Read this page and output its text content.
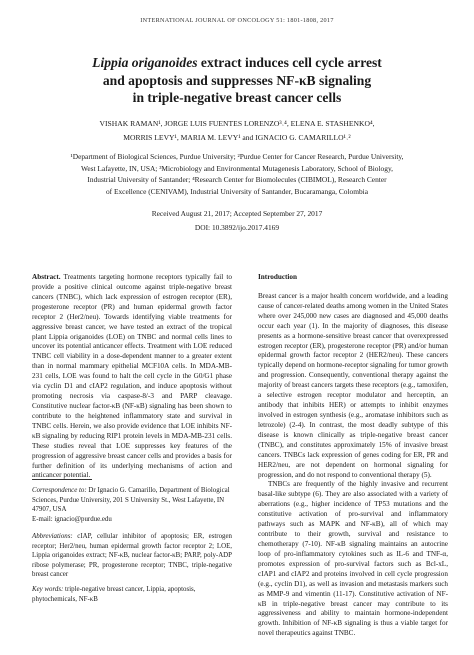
INTERNATIONAL JOURNAL OF ONCOLOGY 51: 1801-1808, 2017
Lippia origanoides extract induces cell cycle arrest
and apoptosis and suppresses NF-κB signaling
in triple-negative breast cancer cells
VISHAK RAMAN¹, JORGE LUIS FUENTES LORENZO³˒⁴, ELENA E. STASHENKO⁴,
MORRIS LEVY¹, MARIA M. LEVY¹ and IGNACIO G. CAMARILLO¹˒²
¹Department of Biological Sciences, Purdue University; ²Purdue Center for Cancer Research, Purdue University,
West Lafayette, IN, USA; ³Microbiology and Environmental Mutagenesis Laboratory, School of Biology,
Industrial University of Santander; ⁴Research Center for Biomolecules (CIBIMOL), Research Center
of Excellence (CENIVAM), Industrial University of Santander, Bucaramanga, Colombia
Received August 21, 2017; Accepted September 27, 2017
DOI: 10.3892/ijo.2017.4169

Abstract. Treatments targeting hormone receptors typically fail to provide a positive clinical outcome against triple-negative breast cancers (TNBC), which lack expression of estrogen receptor (ER), progesterone receptor (PR) and human epidermal growth factor receptor 2 (Her2/neu). Towards identifying viable treatments for aggressive breast cancer, we have tested an extract of the tropical plant Lippia origanoides (LOE) on TNBC and normal cells lines to uncover its potential anticancer effects. Treatment with LOE reduced TNBC cell viability in a dose-dependent manner to a greater extent than in normal mammary epithelial MCF10A cells. In MDA-MB-231 cells, LOE was found to halt the cell cycle in the G0/G1 phase via cyclin D1 and cIAP2 regulation, and induce apoptosis without promoting necrosis via caspase-8/-3 and PARP cleavage. Constitutive nuclear factor-κB (NF-κB) signaling has been shown to contribute to the heightened inflammatory state and survival in TNBC cells. Herein, we also provide evidence that LOE inhibits NF-κB signaling by reducing RIP1 protein levels in MDA-MB-231 cells. These studies reveal that LOE suppresses key features of the progression of aggressive breast cancer cells and provides a basis for further definition of its underlying mechanisms of action and anticancer potential.

Correspondence to: Dr Ignacio G. Camarillo, Department of Biological Sciences, Purdue University, 201 S University St., West Lafayette, IN 47907, USA
E-mail: ignacio@purdue.edu
Abbreviations: cIAP, cellular inhibitor of apoptosis; ER, estrogen receptor; Her2/neu, human epidermal growth factor receptor 2; LOE, Lippia origanoides extract; NF-κB, nuclear factor-κB; PARP, poly-ADP ribose polymerase; PR, progesterone receptor; TNBC, triple-negative breast cancer
Key words: triple-negative breast cancer, Lippia, apoptosis, phytochemicals, NF-κB

Introduction

Breast cancer is a major health concern worldwide, and a leading cause of cancer-related deaths among women in the United States where over 245,000 new cases are diagnosed and 45,000 deaths occur each year (1). In the majority of diagnoses, this disease presents as a hormone-sensitive breast cancer that overexpressed estrogen receptor (ER), progesterone receptor (PR) and/or human epidermal growth factor receptor 2 (HER2/neu). These cancers typically depend on hormone-receptor signaling for tumor growth and progression. Consequently, conventional therapy against the majority of breast cancers targets these receptors (e.g., tamoxifen, a selective estrogen receptor modulator and herceptin, an antibody that inhibits HER) or attempts to inhibit enzymes involved in estrogen synthesis (e.g., aromatase inhibitors such as letrozole) (2-4). In contrast, the most deadly subtype of this disease is known clinically as triple-negative breast cancer (TNBC), and constitutes approximately 15% of invasive breast cancers. TNBCs lack expression of genes coding for ER, PR and HER2/neu, are not dependent on hormonal signaling for progression, and do not respond to conventional therapy (5).

TNBCs are frequently of the highly invasive and recurrent basal-like subtype (6). They are also associated with a variety of aberrations (e.g., higher incidence of TP53 mutations and the constitutive activation of pro-survival and inflammatory pathways such as MAPK and NF-κB), all of which may contribute to their growth, survival and resistance to chemotherapy (7-10). NF-κB signaling maintains an autocrine loop of pro-inflammatory cytokines such as IL-6 and TNF-α, promotes expression of pro-survival factors such as Bcl-xL, cIAP1 and cIAP2 and proteins involved in cell cycle progression (e.g., cyclin D1), as well as invasion and metastasis markers such as MMP-9 and vimentin (11-17). Constitutive activation of NF-κB in triple-negative breast cancer may contribute to its aggressiveness and ability to maintain hormone-independent growth. Inhibition of NF-κB signaling is thus a viable target for novel therapeutics against TNBC.
